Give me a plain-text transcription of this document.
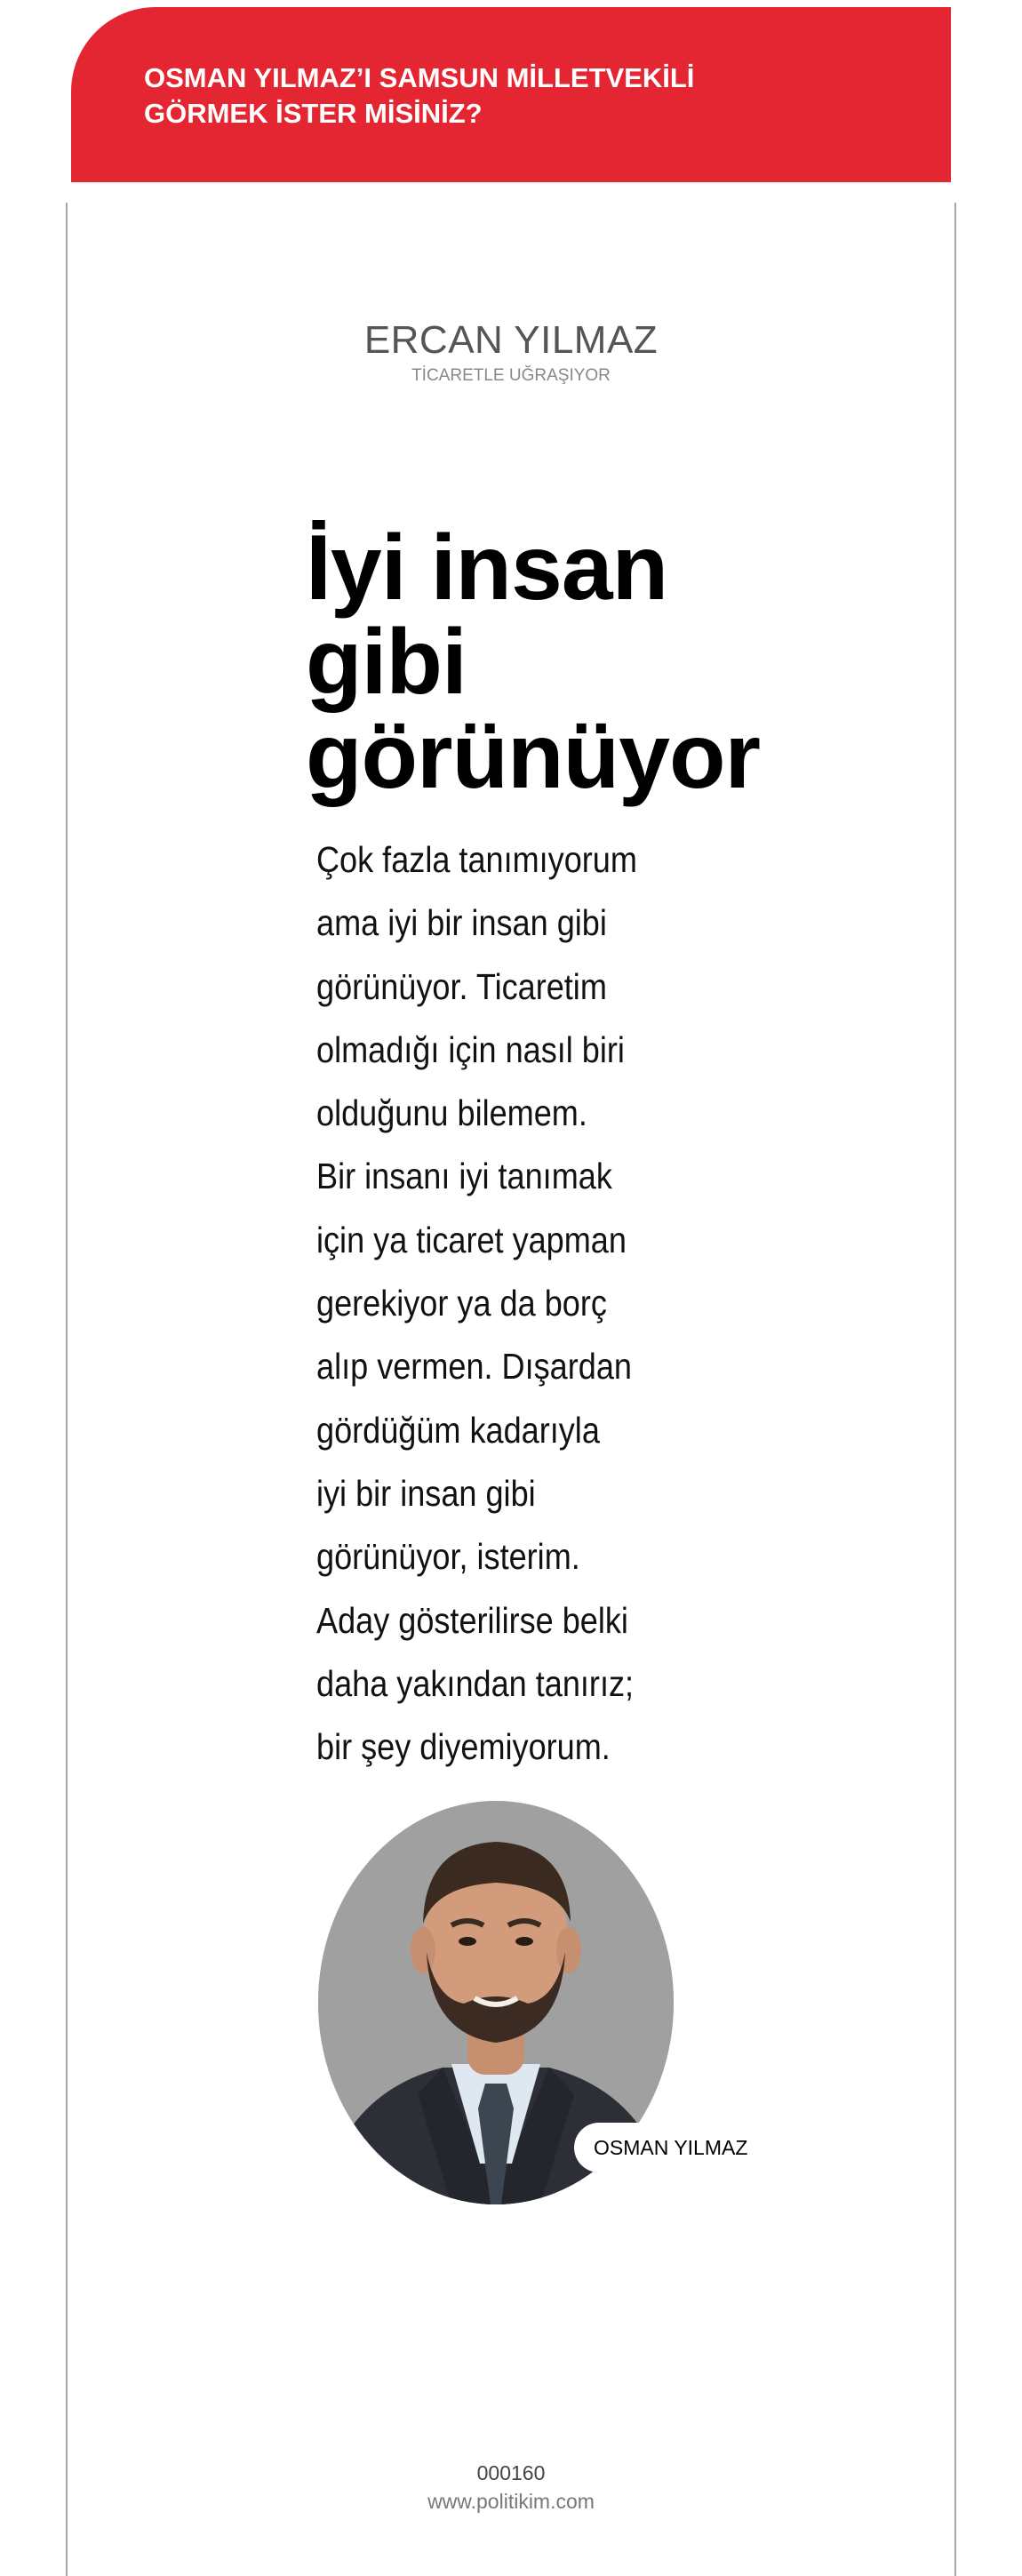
OSMAN YILMAZ’I SAMSUN MİLLETVEKİLİ
GÖRMEK İSTER MİSİNİZ?
ERCAN YILMAZ
TİCARETLE UĞRAŞIYOR
İyi insan
gibi
görünüyor
Çok fazla tanımıyorum
ama iyi bir insan gibi
görünüyor. Ticaretim
olmadığı için nasıl biri
olduğunu bilemem.
Bir insanı iyi tanımak
için ya ticaret yapman
gerekiyor ya da borç
alıp vermen. Dışardan
gördüğüm kadarıyla
iyi bir insan gibi
görünüyor, isterim.
Aday gösterilirse belki
daha yakından tanırız;
bir şey diyemiyorum.
OSMAN YILMAZ
000160
www.politikim.com
